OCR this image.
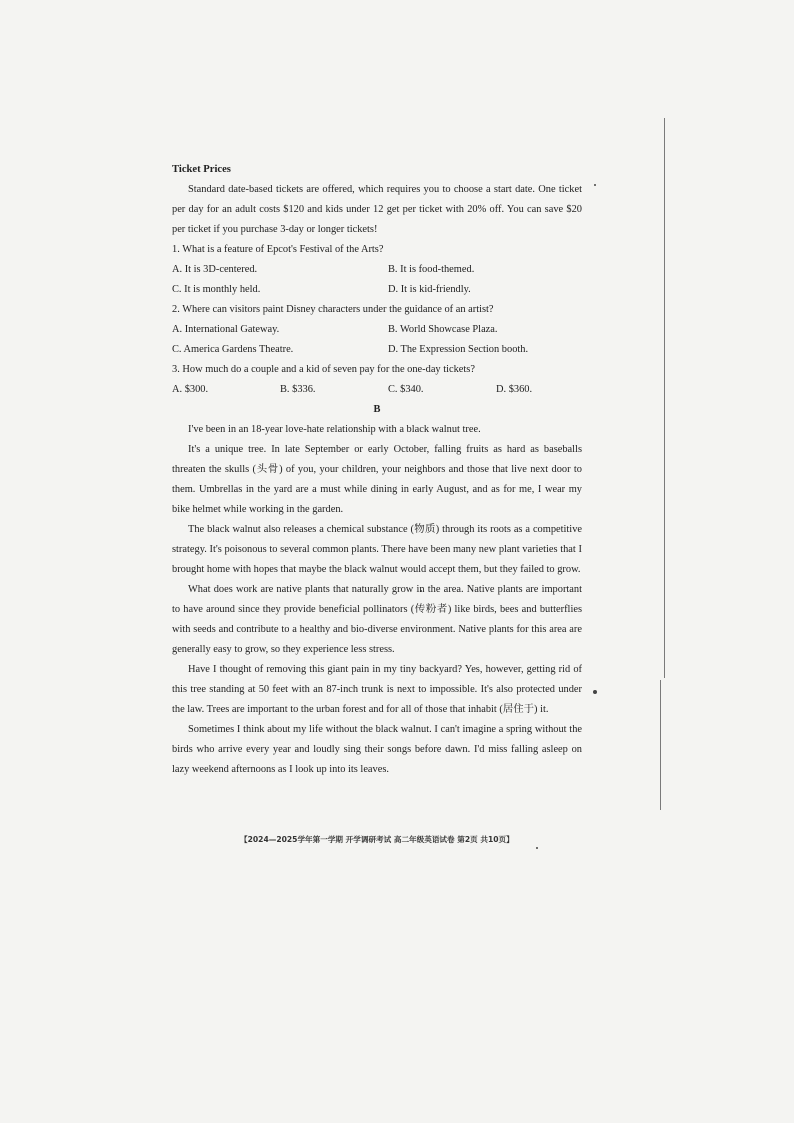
Ticket Prices

Standard date-based tickets are offered, which requires you to choose a start date. One ticket per day for an adult costs $120 and kids under 12 get per ticket with 20% off. You can save $20 per ticket if you purchase 3-day or longer tickets!

1. What is a feature of Epcot's Festival of the Arts?
A. It is 3D-centered.	B. It is food-themed.
C. It is monthly held.	D. It is kid-friendly.
2. Where can visitors paint Disney characters under the guidance of an artist?
A. International Gateway.	B. World Showcase Plaza.
C. America Gardens Theatre.	D. The Expression Section booth.
3. How much do a couple and a kid of seven pay for the one-day tickets?
A. $300.	B. $336.	C. $340.	D. $360.
B

I've been in an 18-year love-hate relationship with a black walnut tree.

It's a unique tree. In late September or early October, falling fruits as hard as baseballs threaten the skulls (头骨) of you, your children, your neighbors and those that live next door to them. Umbrellas in the yard are a must while dining in early August, and as for me, I wear my bike helmet while working in the garden.

The black walnut also releases a chemical substance (物质) through its roots as a competitive strategy. It's poisonous to several common plants. There have been many new plant varieties that I brought home with hopes that maybe the black walnut would accept them, but they failed to grow.

What does work are native plants that naturally grow in the area. Native plants are important to have around since they provide beneficial pollinators (传粉者) like birds, bees and butterflies with seeds and contribute to a healthy and bio-diverse environment. Native plants for this area are generally easy to grow, so they experience less stress.

Have I thought of removing this giant pain in my tiny backyard? Yes, however, getting rid of this tree standing at 50 feet with an 87-inch trunk is next to impossible. It's also protected under the law. Trees are important to the urban forest and for all of those that inhabit (居住于) it.

Sometimes I think about my life without the black walnut. I can't imagine a spring without the birds who arrive every year and loudly sing their songs before dawn. I'd miss falling asleep on lazy weekend afternoons as I look up into its leaves.

【2024—2025学年第一学期 开学调研考试 高二年级英语试卷 第2页 共10页】
